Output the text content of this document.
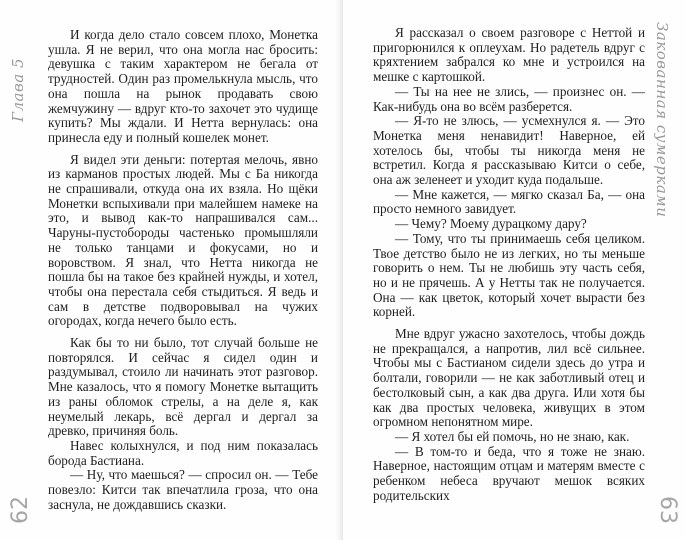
Глава 5

И когда дело стало совсем плохо, Монетка ушла. Я не верил, что она могла нас бросить: девушка с таким характером не бегала от трудностей. Один раз промелькнула мысль, что она пошла на рынок продавать свою жемчужину — вдруг кто-то захочет это чудище купить? Мы ждали. И Нетта вернулась: она принесла еду и полный кошелек монет.

Я видел эти деньги: потертая мелочь, явно из карманов простых людей. Мы с Ба никогда не спрашивали, откуда она их взяла. Но щёки Монетки вспыхивали при малейшем намеке на это, и вывод как-то напрашивался сам... Чаруны-пустобороды частенько промышляли не только танцами и фокусами, но и воровством. Я знал, что Нетта никогда не пошла бы на такое без крайней нужды, и хотел, чтобы она перестала себя стыдиться. Я ведь и сам в детстве подворовывал на чужих огородах, когда нечего было есть.

Как бы то ни было, тот случай больше не повторялся. И сейчас я сидел один и раздумывал, стоило ли начинать этот разговор. Мне казалось, что я помогу Монетке вытащить из раны обломок стрелы, а на деле я, как неумелый лекарь, всё дергал и дергал за древко, причиняя боль.

Навес колыхнулся, и под ним показалась борода Бастиана.

— Ну, что маешься? — спросил он. — Тебе повезло: Китси так впечатлила гроза, что она заснула, не дождавшись сказки.

62
Закованная сумерками

Я рассказал о своем разговоре с Неттой и пригорюнился к оплеухам. Но радетель вдруг с кряхтением забрался ко мне и устроился на мешке с картошкой.

— Ты на нее не злись, — произнес он. — Как-нибудь она во всём разберется.

— Я-то не злюсь, — усмехнулся я. — Это Монетка меня ненавидит! Наверное, ей хотелось бы, чтобы ты никогда меня не встретил. Когда я рассказываю Китси о себе, она аж зеленеет и уходит куда подальше.

— Мне кажется, — мягко сказал Ба, — она просто немного завидует.

— Чему? Моему дурацкому дару?

— Тому, что ты принимаешь себя целиком. Твое детство было не из легких, но ты меньше говорить о нем. Ты не любишь эту часть себя, но и не прячешь. А у Нетты так не получается. Она — как цветок, который хочет вырасти без корней.

Мне вдруг ужасно захотелось, чтобы дождь не прекращался, а напротив, лил всё сильнее. Чтобы мы с Бастианом сидели здесь до утра и болтали, говорили — не как заботливый отец и бестолковый сын, а как два друга. Или хотя бы как два простых человека, живущих в этом огромном непонятном мире.

— Я хотел бы ей помочь, но не знаю, как.

— В том-то и беда, что я тоже не знаю. Наверное, настоящим отцам и матерям вместе с ребенком небеса вручают мешок всяких родительских

63
